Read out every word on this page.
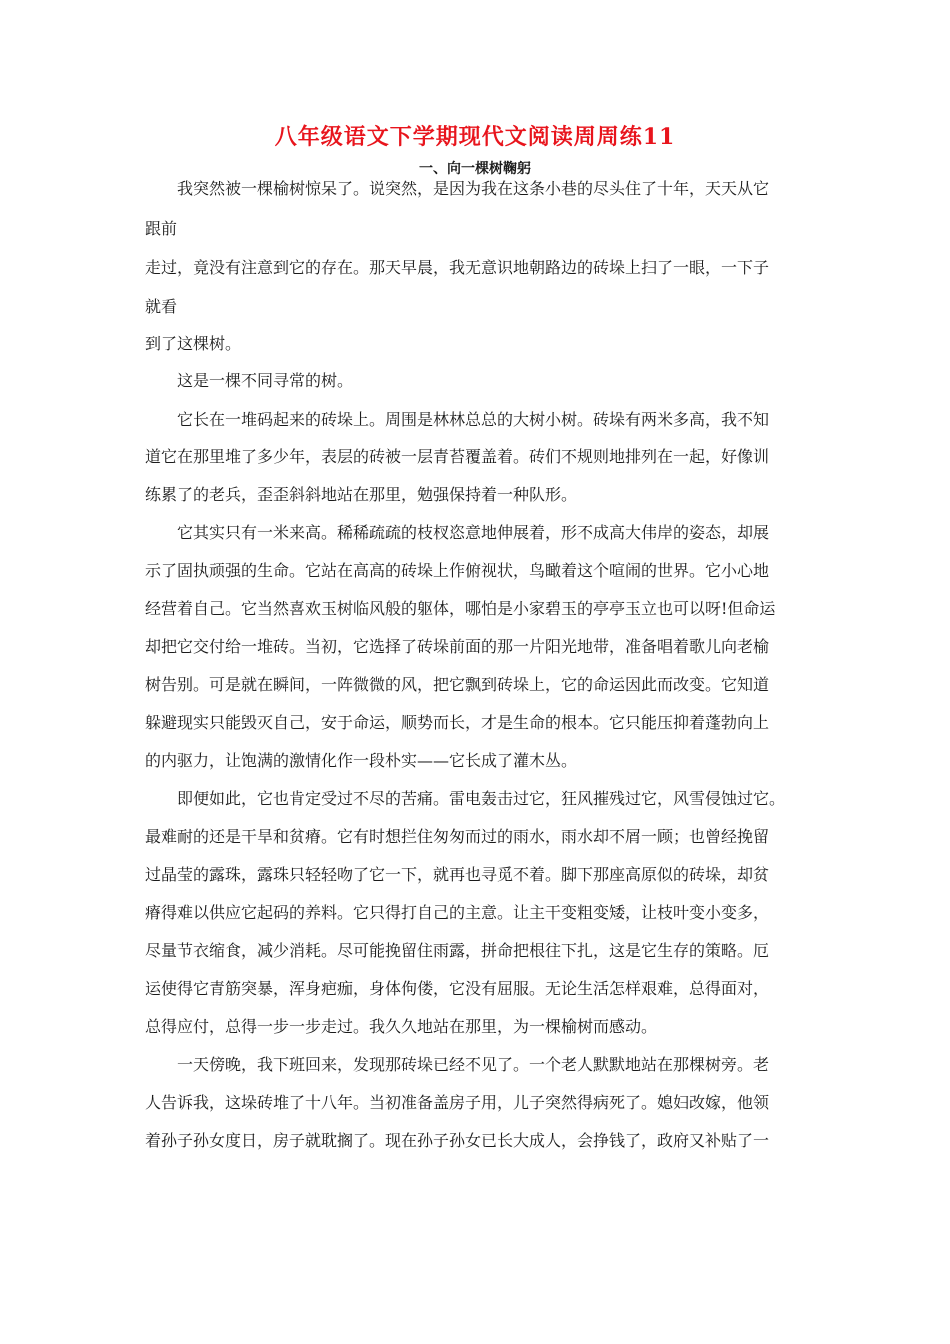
八年级语文下学期现代文阅读周周练11
一、向一棵树鞠躬
我突然被一棵榆树惊呆了。说突然，是因为我在这条小巷的尽头住了十年，天天从它
跟前
走过，竟没有注意到它的存在。那天早晨，我无意识地朝路边的砖垛上扫了一眼，一下子
就看
到了这棵树。
这是一棵不同寻常的树。
它长在一堆码起来的砖垛上。周围是林林总总的大树小树。砖垛有两米多高，我不知
道它在那里堆了多少年，表层的砖被一层青苔覆盖着。砖们不规则地排列在一起，好像训
练累了的老兵，歪歪斜斜地站在那里，勉强保持着一种队形。
它其实只有一米来高。稀稀疏疏的枝杈恣意地伸展着，形不成高大伟岸的姿态，却展
示了固执顽强的生命。它站在高高的砖垛上作俯视状，鸟瞰着这个喧闹的世界。它小心地
经营着自己。它当然喜欢玉树临风般的躯体，哪怕是小家碧玉的亭亭玉立也可以呀!但命运
却把它交付给一堆砖。当初，它选择了砖垛前面的那一片阳光地带，准备唱着歌儿向老榆
树告别。可是就在瞬间，一阵微微的风，把它飘到砖垛上，它的命运因此而改变。它知道
躲避现实只能毁灭自己，安于命运，顺势而长，才是生命的根本。它只能压抑着蓬勃向上
的内驱力，让饱满的激情化作一段朴实——它长成了灌木丛。
即便如此，它也肯定受过不尽的苦痛。雷电轰击过它，狂风摧残过它，风雪侵蚀过它。
最难耐的还是干旱和贫瘠。它有时想拦住匆匆而过的雨水，雨水却不屑一顾；也曾经挽留
过晶莹的露珠，露珠只轻轻吻了它一下，就再也寻觅不着。脚下那座高原似的砖垛，却贫
瘠得难以供应它起码的养料。它只得打自己的主意。让主干变粗变矮，让枝叶变小变多，
尽量节衣缩食，减少消耗。尽可能挽留住雨露，拼命把根往下扎，这是它生存的策略。厄
运使得它青筋突暴，浑身疤痂，身体佝偻，它没有屈服。无论生活怎样艰难，总得面对，
总得应付，总得一步一步走过。我久久地站在那里，为一棵榆树而感动。
一天傍晚，我下班回来，发现那砖垛已经不见了。一个老人默默地站在那棵树旁。老
人告诉我，这垛砖堆了十八年。当初准备盖房子用，儿子突然得病死了。媳妇改嫁，他领
着孙子孙女度日，房子就耽搁了。现在孙子孙女已长大成人，会挣钱了，政府又补贴了一
